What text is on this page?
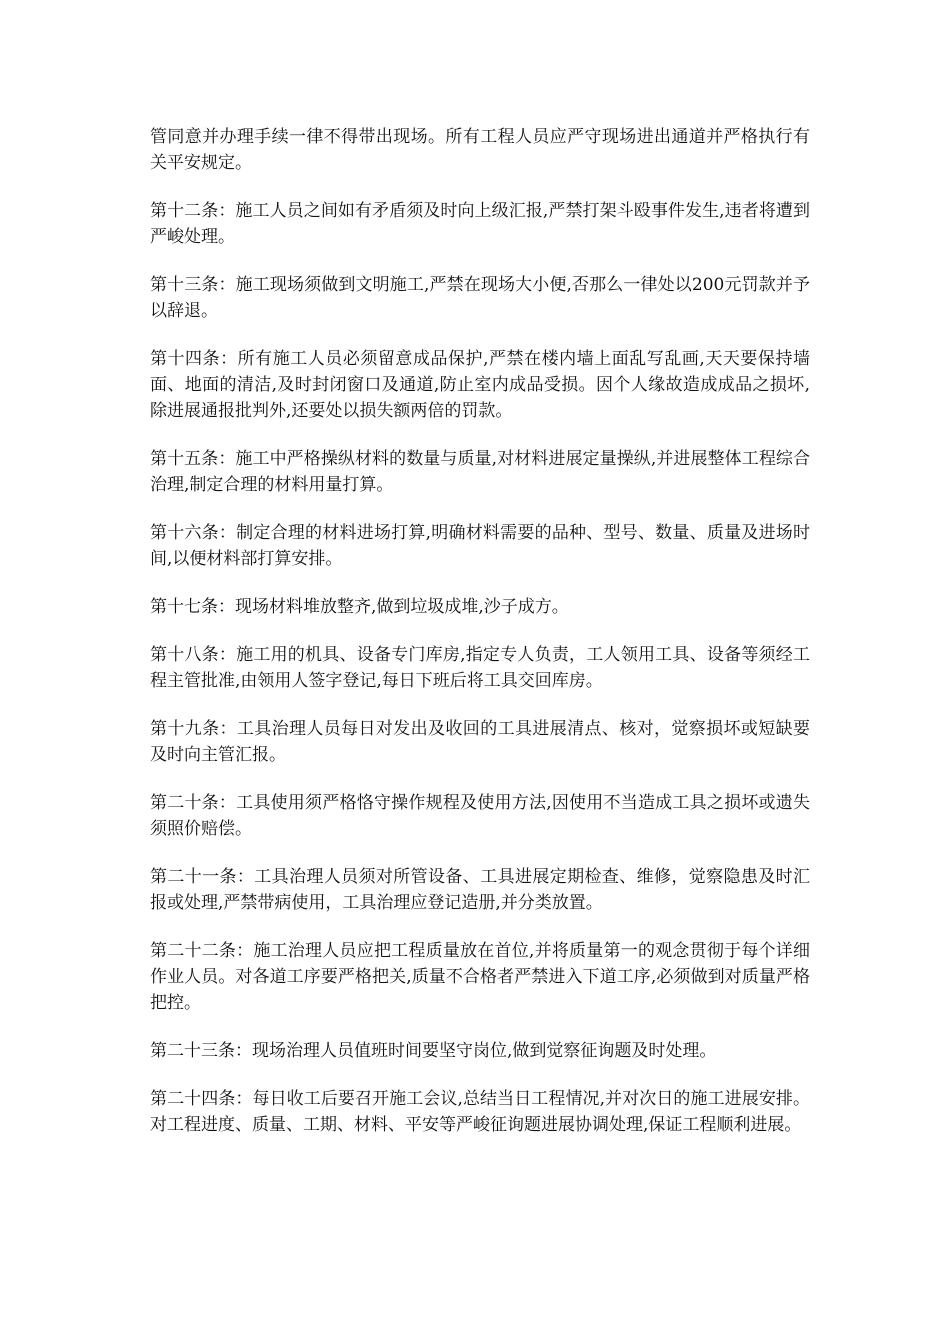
管同意并办理手续一律不得带出现场。所有工程人员应严守现场进出通道并严格执行有关平安规定。

第十二条：施工人员之间如有矛盾须及时向上级汇报,严禁打架斗殴事件发生,违者将遭到严峻处理。

第十三条：施工现场须做到文明施工,严禁在现场大小便,否那么一律处以200元罚款并予以辞退。

第十四条：所有施工人员必须留意成品保护,严禁在楼内墙上面乱写乱画,天天要保持墙面、地面的清洁,及时封闭窗口及通道,防止室内成品受损。因个人缘故造成成品之损坏,除进展通报批判外,还要处以损失额两倍的罚款。

第十五条：施工中严格操纵材料的数量与质量,对材料进展定量操纵,并进展整体工程综合治理,制定合理的材料用量打算。

第十六条：制定合理的材料进场打算,明确材料需要的品种、型号、数量、质量及进场时间,以便材料部打算安排。

第十七条：现场材料堆放整齐,做到垃圾成堆,沙子成方。

第十八条：施工用的机具、设备专门库房,指定专人负责，工人领用工具、设备等须经工程主管批准,由领用人签字登记,每日下班后将工具交回库房。

第十九条：工具治理人员每日对发出及收回的工具进展清点、核对，觉察损坏或短缺要及时向主管汇报。

第二十条：工具使用须严格恪守操作规程及使用方法,因使用不当造成工具之损坏或遗失须照价赔偿。

第二十一条：工具治理人员须对所管设备、工具进展定期检查、维修，觉察隐患及时汇报或处理,严禁带病使用，工具治理应登记造册,并分类放置。

第二十二条：施工治理人员应把工程质量放在首位,并将质量第一的观念贯彻于每个详细作业人员。对各道工序要严格把关,质量不合格者严禁进入下道工序,必须做到对质量严格把控。

第二十三条：现场治理人员值班时间要坚守岗位,做到觉察征询题及时处理。

第二十四条：每日收工后要召开施工会议,总结当日工程情况,并对次日的施工进展安排。对工程进度、质量、工期、材料、平安等严峻征询题进展协调处理,保证工程顺利进展。
